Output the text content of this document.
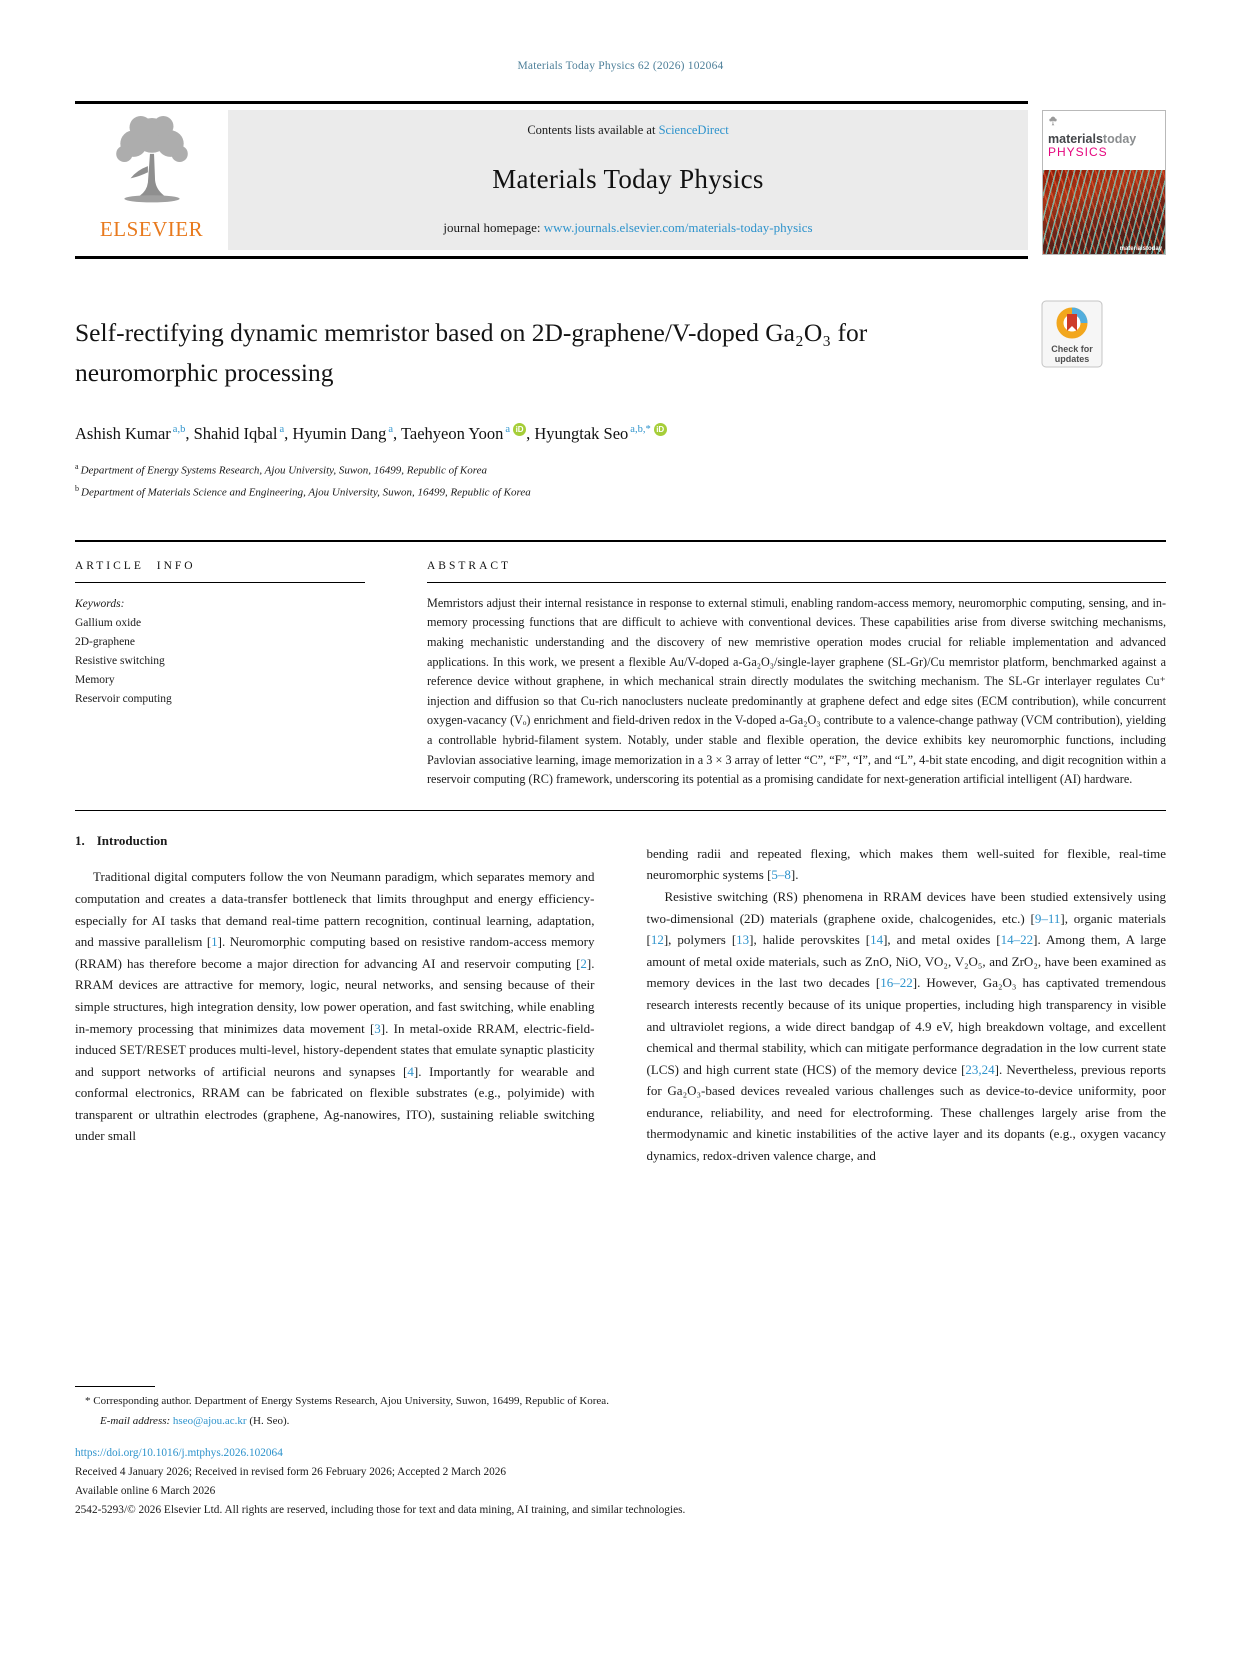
Materials Today Physics 62 (2026) 102064
ELSEVIER
Contents lists available at ScienceDirect
Materials Today Physics
journal homepage: www.journals.elsevier.com/materials-today-physics
materialstoday
PHYSICS
materialstoday
Self-rectifying dynamic memristor based on 2D-graphene/V-doped Ga₂O₃ for neuromorphic processing
Check for
updates
Ashish Kumar $^{a,b}$, Shahid Iqbal $^a$, Hyumin Dang $^a$, Taehyeon Yoon $^a$ iD , Hyungtak Seo $^{a,b,*}$ iD
$^a$ Department of Energy Systems Research, Ajou University, Suwon, 16499, Republic of Korea
$^b$ Department of Materials Science and Engineering, Ajou University, Suwon, 16499, Republic of Korea
ARTICLE INFO
Keywords:
Gallium oxide
2D-graphene
Resistive switching
Memory
Reservoir computing
ABSTRACT
Memristors adjust their internal resistance in response to external stimuli, enabling random-access memory, neuromorphic computing, sensing, and in-memory processing functions that are difficult to achieve with conventional devices. These capabilities arise from diverse switching mechanisms, making mechanistic understanding and the discovery of new memristive operation modes crucial for reliable implementation and advanced applications. In this work, we present a flexible Au/V-doped a-Ga₂O₃/single-layer graphene (SL-Gr)/Cu memristor platform, benchmarked against a reference device without graphene, in which mechanical strain directly modulates the switching mechanism. The SL-Gr interlayer regulates Cu⁺ injection and diffusion so that Cu-rich nanoclusters nucleate predominantly at graphene defect and edge sites (ECM contribution), while concurrent oxygen-vacancy (Vₒ) enrichment and field-driven redox in the V-doped a-Ga₂O₃ contribute to a valence-change pathway (VCM contribution), yielding a controllable hybrid-filament system. Notably, under stable and flexible operation, the device exhibits key neuromorphic functions, including Pavlovian associative learning, image memorization in a 3 × 3 array of letter “C”, “F”, “I”, and “L”, 4-bit state encoding, and digit recognition within a reservoir computing (RC) framework, underscoring its potential as a promising candidate for next-generation artificial intelligent (AI) hardware.
1. Introduction

Traditional digital computers follow the von Neumann paradigm, which separates memory and computation and creates a data-transfer bottleneck that limits throughput and energy efficiency-especially for AI tasks that demand real-time pattern recognition, continual learning, adaptation, and massive parallelism [1]. Neuromorphic computing based on resistive random-access memory (RRAM) has therefore become a major direction for advancing AI and reservoir computing [2]. RRAM devices are attractive for memory, logic, neural networks, and sensing because of their simple structures, high integration density, low power operation, and fast switching, while enabling in-memory processing that minimizes data movement [3]. In metal-oxide RRAM, electric-field-induced SET/RESET produces multi-level, history-dependent states that emulate synaptic plasticity and support networks of artificial neurons and synapses [4]. Importantly for wearable and conformal electronics, RRAM can be fabricated on flexible substrates (e.g., polyimide) with transparent or ultrathin electrodes (graphene, Ag-nanowires, ITO), sustaining reliable switching under small

bending radii and repeated flexing, which makes them well-suited for flexible, real-time neuromorphic systems [5–8].

Resistive switching (RS) phenomena in RRAM devices have been studied extensively using two-dimensional (2D) materials (graphene oxide, chalcogenides, etc.) [9–11], organic materials [12], polymers [13], halide perovskites [14], and metal oxides [14–22]. Among them, A large amount of metal oxide materials, such as ZnO, NiO, VO₂, V₂O₅, and ZrO₂, have been examined as memory devices in the last two decades [16–22]. However, Ga₂O₃ has captivated tremendous research interests recently because of its unique properties, including high transparency in visible and ultraviolet regions, a wide direct bandgap of 4.9 eV, high breakdown voltage, and excellent chemical and thermal stability, which can mitigate performance degradation in the low current state (LCS) and high current state (HCS) of the memory device [23,24]. Nevertheless, previous reports for Ga₂O₃-based devices revealed various challenges such as device-to-device uniformity, poor endurance, reliability, and need for electroforming. These challenges largely arise from the thermodynamic and kinetic instabilities of the active layer and its dopants (e.g., oxygen vacancy dynamics, redox-driven valence charge, and

* Corresponding author. Department of Energy Systems Research, Ajou University, Suwon, 16499, Republic of Korea.
E-mail address: hseo@ajou.ac.kr (H. Seo).
https://doi.org/10.1016/j.mtphys.2026.102064
Received 4 January 2026; Received in revised form 26 February 2026; Accepted 2 March 2026
Available online 6 March 2026
2542-5293/© 2026 Elsevier Ltd. All rights are reserved, including those for text and data mining, AI training, and similar technologies.
